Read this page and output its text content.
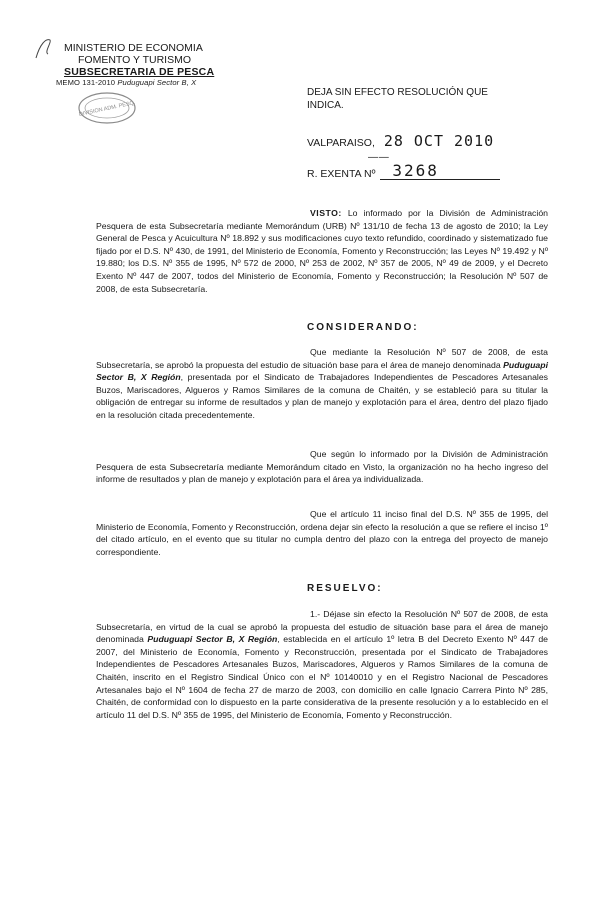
MINISTERIO DE ECONOMIA
FOMENTO Y TURISMO
SUBSECRETARIA DE PESCA
MEMO 131-2010 Puduguapi Sector B, X
DIVISION ADM. PESQ.
DEJA SIN EFECTO RESOLUCIÓN QUE
INDICA.
VALPARAISO, 28 OCT 2010
— —
R. EXENTA Nº 3268
VISTO: Lo informado por la División de Administración Pesquera de esta Subsecretaría mediante Memorándum (URB) Nº 131/10 de fecha 13 de agosto de 2010; la Ley General de Pesca y Acuicultura Nº 18.892 y sus modificaciones cuyo texto refundido, coordinado y sistematizado fue fijado por el D.S. Nº 430, de 1991, del Ministerio de Economía, Fomento y Reconstrucción; las Leyes Nº 19.492 y Nº 19.880; los D.S. Nº 355 de 1995, Nº 572 de 2000, Nº 253 de 2002, Nº 357 de 2005, Nº 49 de 2009, y el Decreto Exento Nº 447 de 2007, todos del Ministerio de Economía, Fomento y Reconstrucción; la Resolución Nº 507 de 2008, de esta Subsecretaría.
CONSIDERANDO:
Que mediante la Resolución Nº 507 de 2008, de esta Subsecretaría, se aprobó la propuesta del estudio de situación base para el área de manejo denominada Puduguapi Sector B, X Región, presentada por el Sindicato de Trabajadores Independientes de Pescadores Artesanales Buzos, Mariscadores, Algueros y Ramos Similares de la comuna de Chaitén, y se estableció para su titular la obligación de entregar su informe de resultados y plan de manejo y explotación para el área, dentro del plazo fijado en la resolución citada precedentemente.
Que según lo informado por la División de Administración Pesquera de esta Subsecretaría mediante Memorándum citado en Visto, la organización no ha hecho ingreso del informe de resultados y plan de manejo y explotación para el área ya individualizada.
Que el artículo 11 inciso final del D.S. Nº 355 de 1995, del Ministerio de Economía, Fomento y Reconstrucción, ordena dejar sin efecto la resolución a que se refiere el inciso 1º del citado artículo, en el evento que su titular no cumpla dentro del plazo con la entrega del proyecto de manejo correspondiente.
RESUELVO:
1.- Déjase sin efecto la Resolución Nº 507 de 2008, de esta Subsecretaría, en virtud de la cual se aprobó la propuesta del estudio de situación base para el área de manejo denominada Puduguapi Sector B, X Región, establecida en el artículo 1º letra B del Decreto Exento Nº 447 de 2007, del Ministerio de Economía, Fomento y Reconstrucción, presentada por el Sindicato de Trabajadores Independientes de Pescadores Artesanales Buzos, Mariscadores, Algueros y Ramos Similares de la comuna de Chaitén, inscrito en el Registro Sindical Único con el Nº 10140010 y en el Registro Nacional de Pescadores Artesanales bajo el Nº 1604 de fecha 27 de marzo de 2003, con domicilio en calle Ignacio Carrera Pinto Nº 285, Chaitén, de conformidad con lo dispuesto en la parte considerativa de la presente resolución y a lo establecido en el artículo 11 del D.S. Nº 355 de 1995, del Ministerio de Economía, Fomento y Reconstrucción.
